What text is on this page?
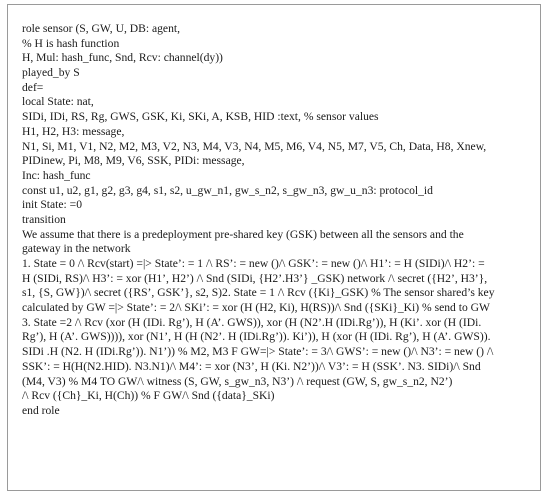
role sensor (S, GW, U, DB: agent,
% H is hash function
H, Mul: hash_func, Snd, Rcv: channel(dy))
played_by S
def=
local State: nat,
SIDi, IDi, RS, Rg, GWS, GSK, Ki, SKi, A, KSB, HID :text, % sensor values
H1, H2, H3: message,
N1, Si, M1, V1, N2, M2, M3, V2, N3, M4, V3, N4, M5, M6, V4, N5, M7, V5, Ch, Data, H8, Xnew,
PIDinew, Pi, M8, M9, V6, SSK, PIDi: message,
Inc: hash_func
const u1, u2, g1, g2, g3, g4, s1, s2, u_gw_n1, gw_s_n2, s_gw_n3, gw_u_n3: protocol_id
init State: =0
transition
We assume that there is a predeployment pre-shared key (GSK) between all the sensors and the
gateway in the network
1. State = 0 /\ Rcv(start) =|> State’: = 1 /\ RS’: = new ()/\ GSK’: = new ()/\ H1’: = H (SIDi)/\ H2’: =
H (SIDi, RS)/\ H3’: = xor (H1’, H2’) /\ Snd (SIDi, {H2’.H3’} _GSK) network /\ secret ({H2’, H3’},
s1, {S, GW})/\ secret ({RS’, GSK’}, s2, S)2. State = 1 /\ Rcv ({Ki}_GSK) % The sensor shared’s key
calculated by GW =|> State’: = 2/\ SKi’: = xor (H (H2, Ki), H(RS))/\ Snd ({SKi}_Ki) % send to GW
3. State =2 /\ Rcv (xor (H (IDi. Rg’), H (A’. GWS)), xor (H (N2’.H (IDi.Rg’)), H (Ki’. xor (H (IDi.
Rg’), H (A’. GWS)))), xor (N1’, H (H (N2’. H (IDi.Rg’)). Ki’)), H (xor (H (IDi. Rg’), H (A’. GWS)).
SIDi .H (N2. H (IDi.Rg’)). N1’)) % M2, M3 F GW=|> State’: = 3/\ GWS’: = new ()/\ N3’: = new () /\
SSK’: = H(H(N2.HID). N3.N1)/\ M4’: = xor (N3’, H (Ki. N2’))/\ V3’: = H (SSK’. N3. SIDi)/\ Snd
(M4, V3) % M4 TO GW/\ witness (S, GW, s_gw_n3, N3’) /\ request (GW, S, gw_s_n2, N2’)
/\ Rcv ({Ch}_Ki, H(Ch)) % F GW/\ Snd ({data}_SKi)
end role
